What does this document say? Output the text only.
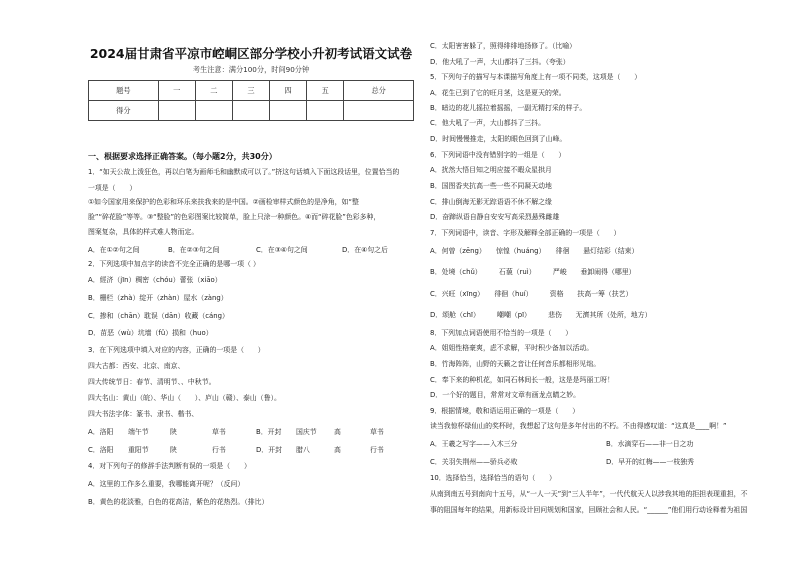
2024届甘肃省平凉市崆峒区部分学校小升初考试语文试卷
考生注意：满分100分，时间90分钟
题号	一	二	三	四	五	总分
得分						
一、根据要求选择正确答案。（每小题2分，共30分）
1．“如天公故上泼狂色，再以白笔为画师毛和幽默成可以了。”挤这句话填入下面这段话里，位置恰当的
一项是（　　）
①如今国家用来保护的色彩和环乐来扶我来的是中国。②画检审样式颜色的是净角，如“整
脸”“碎花脸”等等。③“整脸”的色彩图案比较简单，脸上只涂一种颜色。④而“碎花脸”色彩多种，
图案复杂，具体的样式难人物而定。
A．在①②句之间	B．在②③句之间	C．在③④句之间	D．在④句之后
2．下列选项中加点字的读音不完全正确的是哪一项（ ）
A．經济（jīn）稠密（chóu）蕾张（xiāo）
B．栅栏（zhà）绽开（zhàn）屋水（zàng）
C．掺和（chān）耽误（dān）收藏（cáng）
D．苗恶（wù）坑墙（fǔ）损和（huo）
3．在下列选项中填入对应的内容，正确的一项是（　　）
四大古都：西安、北京、南京、
四大传统节日：春节、清明节、、中秋节。
四大名山：黄山（皖）、华山（　　）、庐山（赣）、泰山（鲁）。
四大书法字体：篆书、隶书、楷书、
A．洛阳 端午节	陕	草书	B．开封 国庆节	高	草书
C．洛阳 重阳节	陕	行书	D．开封 腊八	高	行书
4．对下列句子的修辞手法判断有误的一项是（　　）
A．这里的工作多么重要，我哪能离开呢？（反问）
B．黄色的花淡雅，白色的花高洁，紫色的花热烈。（排比）
C．太阳害害躲了，照得绯绯地扬修了。（比喻）
D．他大吼了一声，大山都抖了三抖。（夸张）
5．下列句子的描写与本课描写角度上有一项不同类，这项是（　　）
A．花生已到了它的旺月茎，这是夏天的荣。
B．暗边的花儿摇拉着摇摇，一副无精打采的样子。
C．他大吼了一声，大山都抖了三抖。
D．时间慢慢推走，太阳的眼色回到了山峰。
6．下列词语中没有错别字的一组是（　　）
A．扰然大悟目知之明应接不暇众星拱月
B．国图香夹抗高一些一些不同凝天动地
C．排山倒海无影无踪语语不休不解之缘
D．奋蹄纵语自静自安安写高采烈悬殊雌雄
7．下列词语中，读音、字形及解释全部正确的一项是（　　）
A．何曾（zēng）　　惊惶（huáng）　　徘徊　　悬灯结彩（结束）
B．处境（chǔ）　　　石藐（ruì）　　　严峻　　垂卸闹得（哪里）
C．兴旺（xīng）　　徘徊（huí）　　　资格　　扶高一筹（扶艺）
D．颂舱（chī）　　　嘲嘲（pī）　　　悲伤　　无濟其所（处所，地方）
8．下列加点词语使用不恰当的一项是（　　）
A．姐姐性格豪爽，虑不求解，平时积少备加以活动。
B．竹海阵阵，山野的天籁之音让任何音乐都相形见绌。
C．奉下来的种机花，如同石林间长一般，这是是玛丽工呀！
D．一个好的题目，常常对文章有画龙点睛之妙。
9．根据情境，敬和语运用正确的一项是（　　）
读当我惊杯绿仙山的奖杯时，我想起了这句是多年付出的不朽。不由得感叹道：“这真是____啊！”
A．王羲之写字——入木三分	B．水滴穿石——非一日之功
C．关羽失荆州——骄兵必败	D．早开的红梅——一枝独秀
10．选择恰当，选择恰当的语句（　　）
从南到南五号到南向十五号，从“一人一天”到“三人半年”，一代代航天人以涉我其地的拒担表现重担，不
事的阻国每年的结果，用新标设计回问规划和国家，回顾社会和人民。“______”他们用行动诠释着为祖国
